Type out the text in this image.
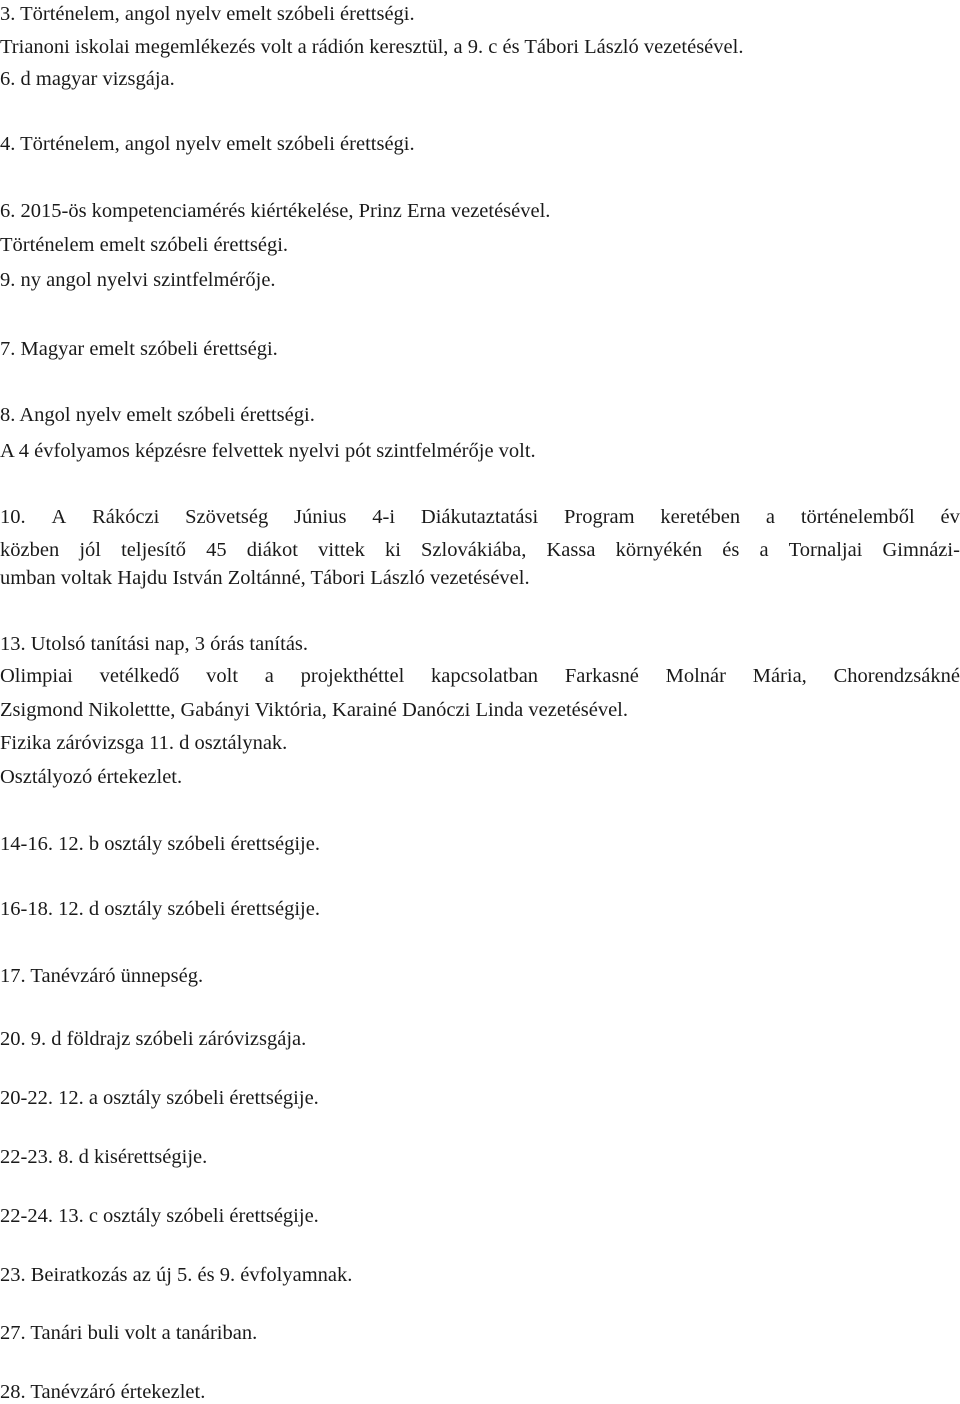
3. Történelem, angol nyelv emelt szóbeli érettségi.
Trianoni iskolai megemlékezés volt a rádión keresztül, a 9. c és Tábori László vezetésével.
6. d magyar vizsgája.
4. Történelem, angol nyelv emelt szóbeli érettségi.
6. 2015-ös kompetenciamérés kiértékelése, Prinz Erna vezetésével.
Történelem emelt szóbeli érettségi.
9. ny angol nyelvi szintfelmérője.
7. Magyar emelt szóbeli érettségi.
8. Angol nyelv emelt szóbeli érettségi.
A 4 évfolyamos képzésre felvettek nyelvi pót szintfelmérője volt.
10. A Rákóczi Szövetség Június 4-i Diákutaztatási Program keretében a történelemből év
közben jól teljesítő 45 diákot vittek ki Szlovákiába, Kassa környékén és a Tornaljai Gimnázi-
umban voltak Hajdu István Zoltánné, Tábori László vezetésével.
13. Utolsó tanítási nap, 3 órás tanítás.
Olimpiai vetélkedő volt a projekthéttel kapcsolatban Farkasné Molnár Mária, Chorendzsákné
Zsigmond Nikolettte, Gabányi Viktória, Karainé Danóczi Linda vezetésével.
Fizika záróvizsga 11. d osztálynak.
Osztályozó értekezlet.
14-16. 12. b osztály szóbeli érettségije.
16-18. 12. d osztály szóbeli érettségije.
17. Tanévzáró ünnepség.
20. 9. d földrajz szóbeli záróvizsgája.
20-22. 12. a osztály szóbeli érettségije.
22-23. 8. d kisérettségije.
22-24. 13. c osztály szóbeli érettségije.
23. Beiratkozás az új 5. és 9. évfolyamnak.
27. Tanári buli volt a tanáriban.
28. Tanévzáró értekezlet.
